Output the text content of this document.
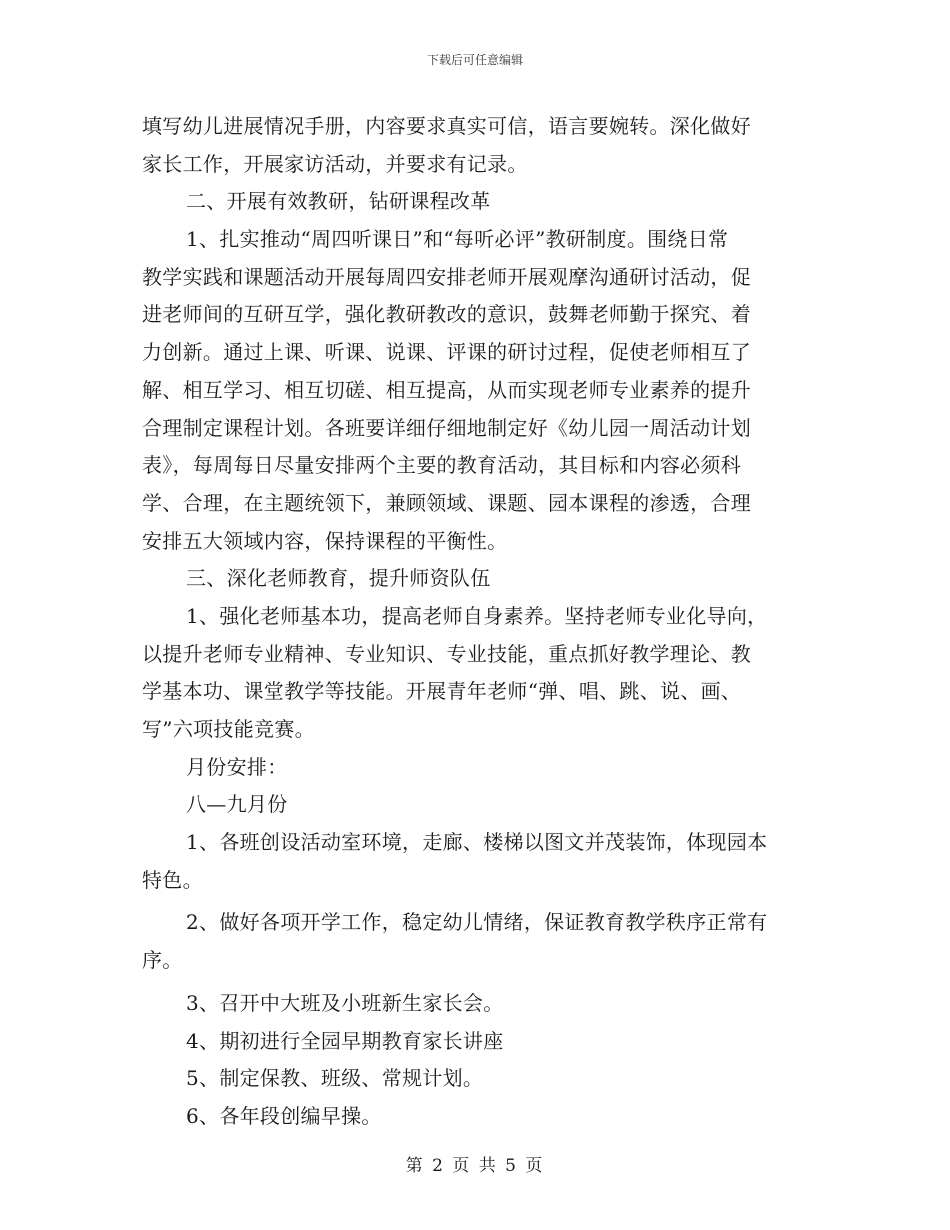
下载后可任意编辑
填写幼儿进展情况手册，内容要求真实可信，语言要婉转。深化做好
家长工作，开展家访活动，并要求有记录。
二、开展有效教研，钻研课程改革
1、扎实推动“周四听课日”和“每听必评”教研制度。围绕日常
教学实践和课题活动开展每周四安排老师开展观摩沟通研讨活动，促
进老师间的互研互学，强化教研教改的意识，鼓舞老师勤于探究、着
力创新。通过上课、听课、说课、评课的研讨过程，促使老师相互了
解、相互学习、相互切磋、相互提高，从而实现老师专业素养的提升
合理制定课程计划。各班要详细仔细地制定好《幼儿园一周活动计划
表》，每周每日尽量安排两个主要的教育活动，其目标和内容必须科
学、合理，在主题统领下，兼顾领域、课题、园本课程的渗透，合理
安排五大领域内容，保持课程的平衡性。
三、深化老师教育，提升师资队伍
1、强化老师基本功，提高老师自身素养。坚持老师专业化导向，
以提升老师专业精神、专业知识、专业技能，重点抓好教学理论、教
学基本功、课堂教学等技能。开展青年老师“弹、唱、跳、说、画、
写”六项技能竞赛。
月份安排：
八—九月份
1、各班创设活动室环境，走廊、楼梯以图文并茂装饰，体现园本
特色。
2、做好各项开学工作，稳定幼儿情绪，保证教育教学秩序正常有
序。
3、召开中大班及小班新生家长会。
4、期初进行全园早期教育家长讲座
5、制定保教、班级、常规计划。
6、各年段创编早操。
第 2 页 共 5 页
